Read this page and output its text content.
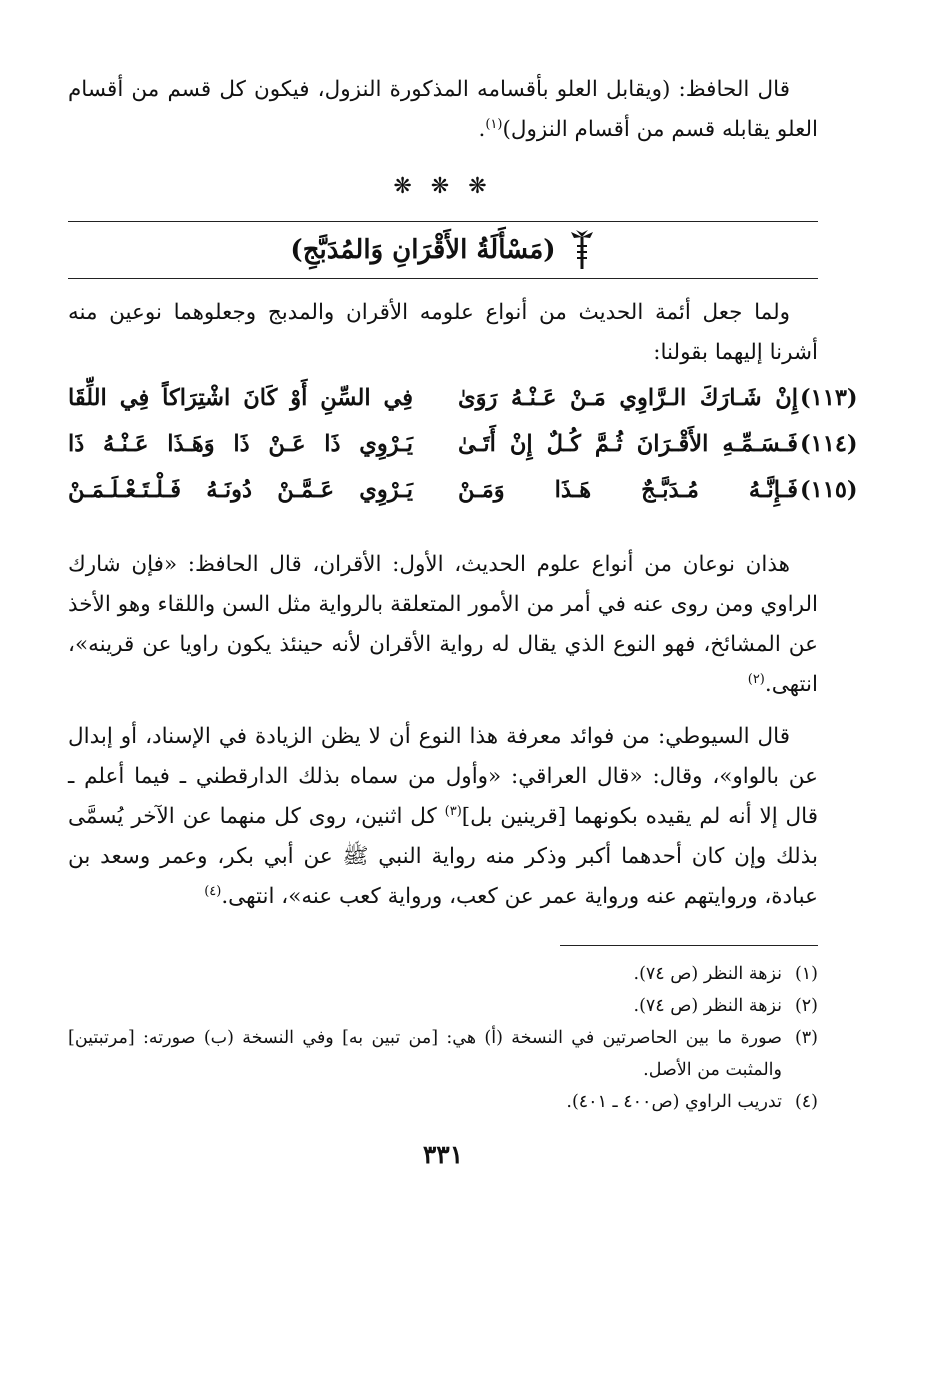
قال الحافظ: (ويقابل العلو بأقسامه المذكورة النزول، فيكون كل قسم من أقسام العلو يقابله قسم من أقسام النزول)$^{(١)}$.

❋ ❋ ❋
(مَسْأَلَةُ الأَقْرَانِ وَالمُدَبَّجِ)

ولما جعل أئمة الحديث من أنواع علومه الأقران والمدبج وجعلوهما نوعين منه أشرنا إليهما بقولنا:

(١١٣)
إِنْ شَـارَكَ الـرَّاوِي مَـنْ عَـنْـهُ رَوَىٰ
فِي السِّنِ أَوْ كَانَ اشْتِرَاكاً فِي اللِّقَا
(١١٤)
فَـسَـمِّـهِ الأَقْـرَانَ ثُـمَّ كُـلٌ إِنْ أَتَـىٰ
يَـرْوِي ذَا عَـنْ ذَا وَهَـذَا عَـنْـهُ ذَا
(١١٥)
فَـإِنَّـهُ مُـدَبَّـجٌ هَـذَا وَمَـنْ
يَـرْوِي عَـمَّـنْ دُونَـهُ فَـلْـتَـعْـلَـمَـنْ

هذان نوعان من أنواع علوم الحديث، الأول: الأقران، قال الحافظ: «فإن شارك الراوي ومن روى عنه في أمر من الأمور المتعلقة بالرواية مثل السن واللقاء وهو الأخذ عن المشائخ، فهو النوع الذي يقال له رواية الأقران لأنه حينئذ يكون راويا عن قرينه»، انتهى.$^{(٢)}$

قال السيوطي: من فوائد معرفة هذا النوع أن لا يظن الزيادة في الإسناد، أو إبدال عن بالواو»، وقال: «قال العراقي: «وأول من سماه بذلك الدارقطني ـ فيما أعلم ـ قال إلا أنه لم يقيده بكونهما [قرينين بل]$^{(٣)}$ كل اثنين، روى كل منهما عن الآخر يُسمَّى بذلك وإن كان أحدهما أكبر وذكر منه رواية النبي ﷺ عن أبي بكر، وعمر وسعد بن عبادة، وروايتهم عنه ورواية عمر عن كعب، ورواية كعب عنه»، انتهى.$^{(٤)}$

(١)
نزهة النظر (ص ٧٤).
(٢)
نزهة النظر (ص ٧٤).
(٣)
صورة ما بين الحاصرتين في النسخة (أ) هي: [من تبين به] وفي النسخة (ب) صورته: [مرتبتين] والمثبت من الأصل.
(٤)
تدريب الراوي (ص٤٠٠ ـ ٤٠١).
٣٣١
